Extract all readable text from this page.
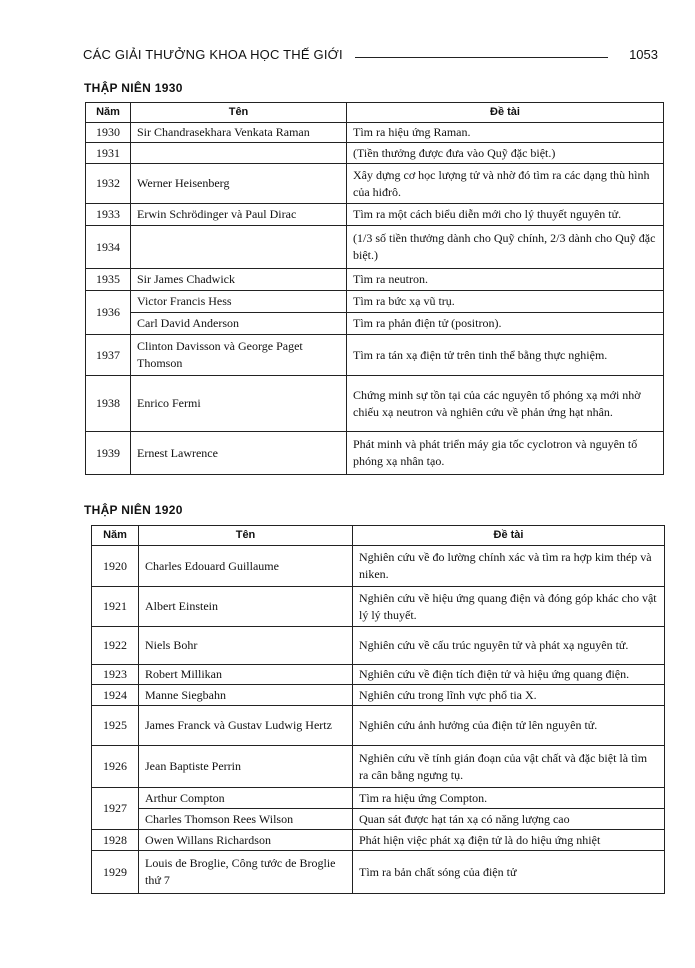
CÁC GIẢI THƯỞNG KHOA HỌC THẾ GIỚI	1053
THẬP NIÊN 1930
Năm	Tên	Đề tài
1930	Sir Chandrasekhara Venkata Raman	Tìm ra hiệu ứng Raman.
1931		(Tiền thưởng được đưa vào Quỹ đặc biệt.)
1932	Werner Heisenberg	Xây dựng cơ học lượng tử và nhờ đó tìm ra các dạng thù hình của hiđrô.
1933	Erwin Schrödinger và Paul Dirac	Tìm ra một cách biểu diễn mới cho lý thuyết nguyên tử.
1934		(1/3 số tiền thưởng dành cho Quỹ chính, 2/3 dành cho Quỹ đặc biệt.)
1935	Sir James Chadwick	Tìm ra neutron.
1936	Victor Francis Hess	Tìm ra bức xạ vũ trụ.
	Carl David Anderson	Tìm ra phản điện tử (positron).
1937	Clinton Davisson và George Paget Thomson	Tìm ra tán xạ điện tử trên tinh thể bằng thực nghiệm.
1938	Enrico Fermi	Chứng minh sự tồn tại của các nguyên tố phóng xạ mới nhờ chiếu xạ neutron và nghiên cứu về phản ứng hạt nhân.
1939	Ernest Lawrence	Phát minh và phát triển máy gia tốc cyclotron và nguyên tố phóng xạ nhân tạo.
THẬP NIÊN 1920
Năm	Tên	Đề tài
1920	Charles Edouard Guillaume	Nghiên cứu về đo lường chính xác và tìm ra hợp kim thép và niken.
1921	Albert Einstein	Nghiên cứu về hiệu ứng quang điện và đóng góp khác cho vật lý lý thuyết.
1922	Niels Bohr	Nghiên cứu về cấu trúc nguyên tử và phát xạ nguyên tử.
1923	Robert Millikan	Nghiên cứu về điện tích điện tử và hiệu ứng quang điện.
1924	Manne Siegbahn	Nghiên cứu trong lĩnh vực phổ tia X.
1925	James Franck và Gustav Ludwig Hertz	Nghiên cứu ảnh hưởng của điện tử lên nguyên tử.
1926	Jean Baptiste Perrin	Nghiên cứu về tính gián đoạn của vật chất và đặc biệt là tìm ra cân bằng ngưng tụ.
1927	Arthur Compton	Tìm ra hiệu ứng Compton.
	Charles Thomson Rees Wilson	Quan sát được hạt tán xạ có năng lượng cao
1928	Owen Willans Richardson	Phát hiện việc phát xạ điện tử là do hiệu ứng nhiệt
1929	Louis de Broglie, Công tước de Broglie thứ 7	Tìm ra bản chất sóng của điện tử
